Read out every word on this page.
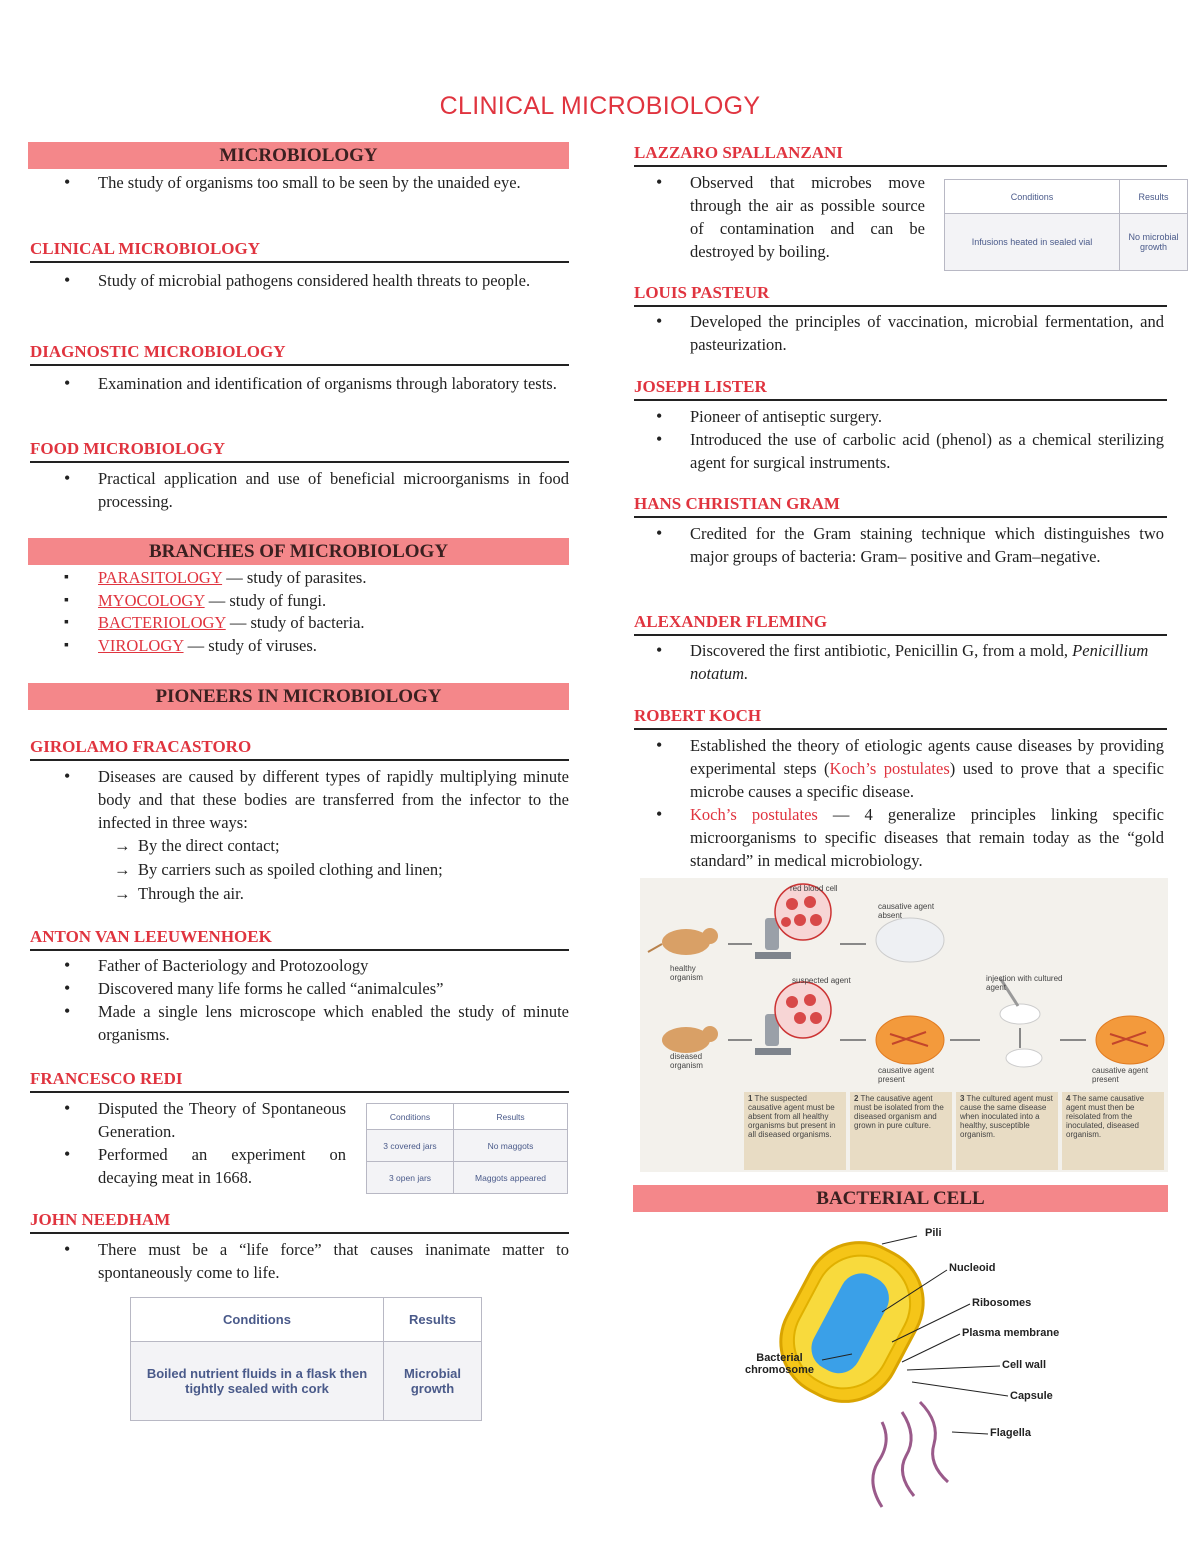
CLINICAL MICROBIOLOGY
MICROBIOLOGY
• The study of organisms too small to be seen by the unaided eye.
CLINICAL MICROBIOLOGY
• Study of microbial pathogens considered health threats to people.
DIAGNOSTIC MICROBIOLOGY
• Examination and identification of organisms through laboratory tests.
FOOD MICROBIOLOGY
• Practical application and use of beneficial microorganisms in food processing.
BRANCHES OF MICROBIOLOGY
▪ PARASITOLOGY — study of parasites.
▪ MYOCOLOGY — study of fungi.
▪ BACTERIOLOGY — study of bacteria.
▪ VIROLOGY — study of viruses.
PIONEERS IN MICROBIOLOGY
GIROLAMO FRACASTORO
• Diseases are caused by different types of rapidly multiplying minute body and that these bodies are transferred from the infector to the infected in three ways:
→ By the direct contact;
→ By carriers such as spoiled clothing and linen;
→ Through the air.
ANTON VAN LEEUWENHOEK
• Father of Bacteriology and Protozoology
• Discovered many life forms he called “animalcules”
• Made a single lens microscope which enabled the study of minute organisms.
FRANCESCO REDI
• Disputed the Theory of Spontaneous Generation.
• Performed an experiment on decaying meat in 1668.
Conditions	Results
3 covered jars	No maggots
3 open jars	Maggots appeared
JOHN NEEDHAM
• There must be a “life force” that causes inanimate matter to spontaneously come to life.
Conditions	Results
Boiled nutrient fluids in a flask then tightly sealed with cork	Microbial growth
LAZZARO SPALLANZANI
• Observed that microbes move through the air as possible source of contamination and can be destroyed by boiling.
Conditions	Results
Infusions heated in sealed vial	No microbial growth
LOUIS PASTEUR
• Developed the principles of vaccination, microbial fermentation, and pasteurization.
JOSEPH LISTER
• Pioneer of antiseptic surgery.
• Introduced the use of carbolic acid (phenol) as a chemical sterilizing agent for surgical instruments.
HANS CHRISTIAN GRAM
• Credited for the Gram staining technique which distinguishes two major groups of bacteria: Gram– positive and Gram–negative.
ALEXANDER FLEMING
• Discovered the first antibiotic, Penicillin G, from a mold, Penicillium notatum.
ROBERT KOCH
• Established the theory of etiologic agents cause diseases by providing experimental steps (Koch’s postulates) used to prove that a specific microbe causes a specific disease.
• Koch’s postulates — 4 generalize principles linking specific microorganisms to specific diseases that remain today as the “gold standard” in medical microbiology.
red blood cell
causative agent absent
healthy organism	suspected agent	injection with cultured agent
diseased organism
causative agent present
causative agent present
1 The suspected causative agent must be absent from all healthy organisms but present in all diseased organisms.
2 The causative agent must be isolated from the diseased organism and grown in pure culture.
3 The cultured agent must cause the same disease when inoculated into a healthy, susceptible organism.
4 The same causative agent must then be reisolated from the inoculated, diseased organism.
BACTERIAL CELL
Pili
Nucleoid
Ribosomes
Plasma membrane
Bacterial chromosome	Cell wall
Capsule
Flagella
